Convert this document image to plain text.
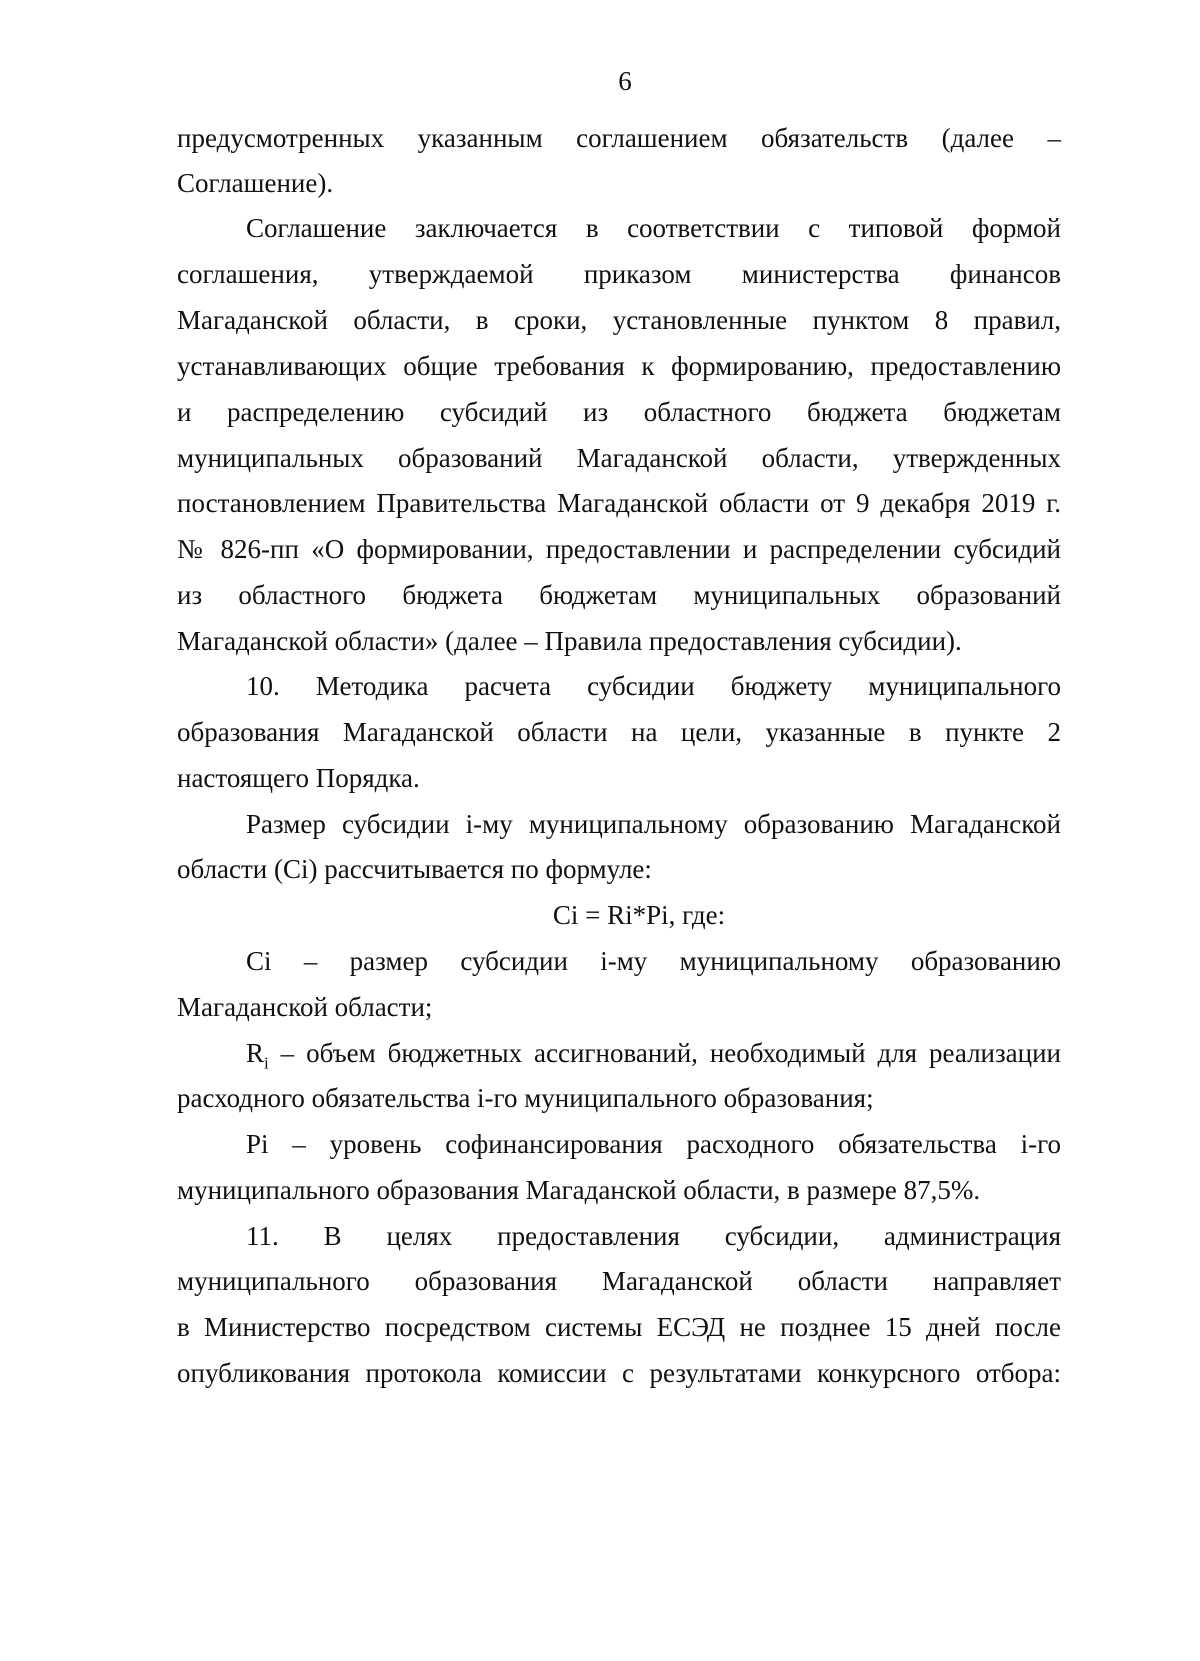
6
предусмотренных указанным соглашением обязательств (далее –
Соглашение).
Соглашение заключается в соответствии с типовой формой
соглашения, утверждаемой приказом министерства финансов
Магаданской области, в сроки, установленные пунктом 8 правил,
устанавливающих общие требования к формированию, предоставлению
и распределению субсидий из областного бюджета бюджетам
муниципальных образований Магаданской области, утвержденных
постановлением Правительства Магаданской области от 9 декабря 2019 г.
№ 826-пп «О формировании, предоставлении и распределении субсидий
из областного бюджета бюджетам муниципальных образований
Магаданской области» (далее – Правила предоставления субсидии).
10. Методика расчета субсидии бюджету муниципального
образования Магаданской области на цели, указанные в пункте 2
настоящего Порядка.
Размер субсидии i-му муниципальному образованию Магаданской
области (Ci) рассчитывается по формуле:
Ci = Ri*Pi, где:
Ci – размер субсидии i-му муниципальному образованию
Магаданской области;
$R_i$ – объем бюджетных ассигнований, необходимый для реализации
расходного обязательства i-го муниципального образования;
Pi – уровень софинансирования расходного обязательства i-го
муниципального образования Магаданской области, в размере 87,5%.
11. В целях предоставления субсидии, администрация
муниципального образования Магаданской области направляет
в Министерство посредством системы ЕСЭД не позднее 15 дней после
опубликования протокола комиссии с результатами конкурсного отбора:
